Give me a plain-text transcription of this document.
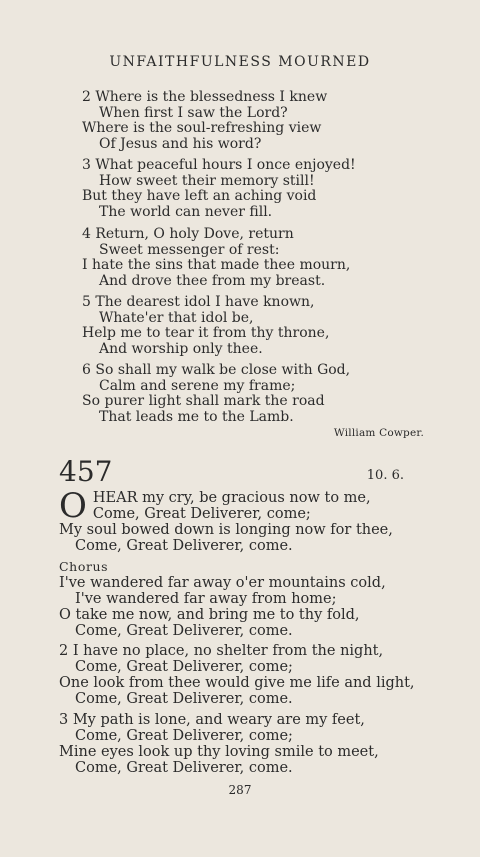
UNFAITHFULNESS MOURNED
2 Where is the blessedness I knew
When first I saw the Lord?
Where is the soul-refreshing view
Of Jesus and his word?
3 What peaceful hours I once enjoyed!
How sweet their memory still!
But they have left an aching void
The world can never fill.
4 Return, O holy Dove, return
Sweet messenger of rest:
I hate the sins that made thee mourn,
And drove thee from my breast.
5 The dearest idol I have known,
Whate'er that idol be,
Help me to tear it from thy throne,
And worship only thee.
6 So shall my walk be close with God,
Calm and serene my frame;
So purer light shall mark the road
That leads me to the Lamb.
William Cowper.
457	10. 6.
O HEAR my cry, be gracious now to me,
Come, Great Deliverer, come;
My soul bowed down is longing now for thee,
Come, Great Deliverer, come.
Chorus
I've wandered far away o'er mountains cold,
I've wandered far away from home;
O take me now, and bring me to thy fold,
Come, Great Deliverer, come.
2 I have no place, no shelter from the night,
Come, Great Deliverer, come;
One look from thee would give me life and light,
Come, Great Deliverer, come.
3 My path is lone, and weary are my feet,
Come, Great Deliverer, come;
Mine eyes look up thy loving smile to meet,
Come, Great Deliverer, come.
287
